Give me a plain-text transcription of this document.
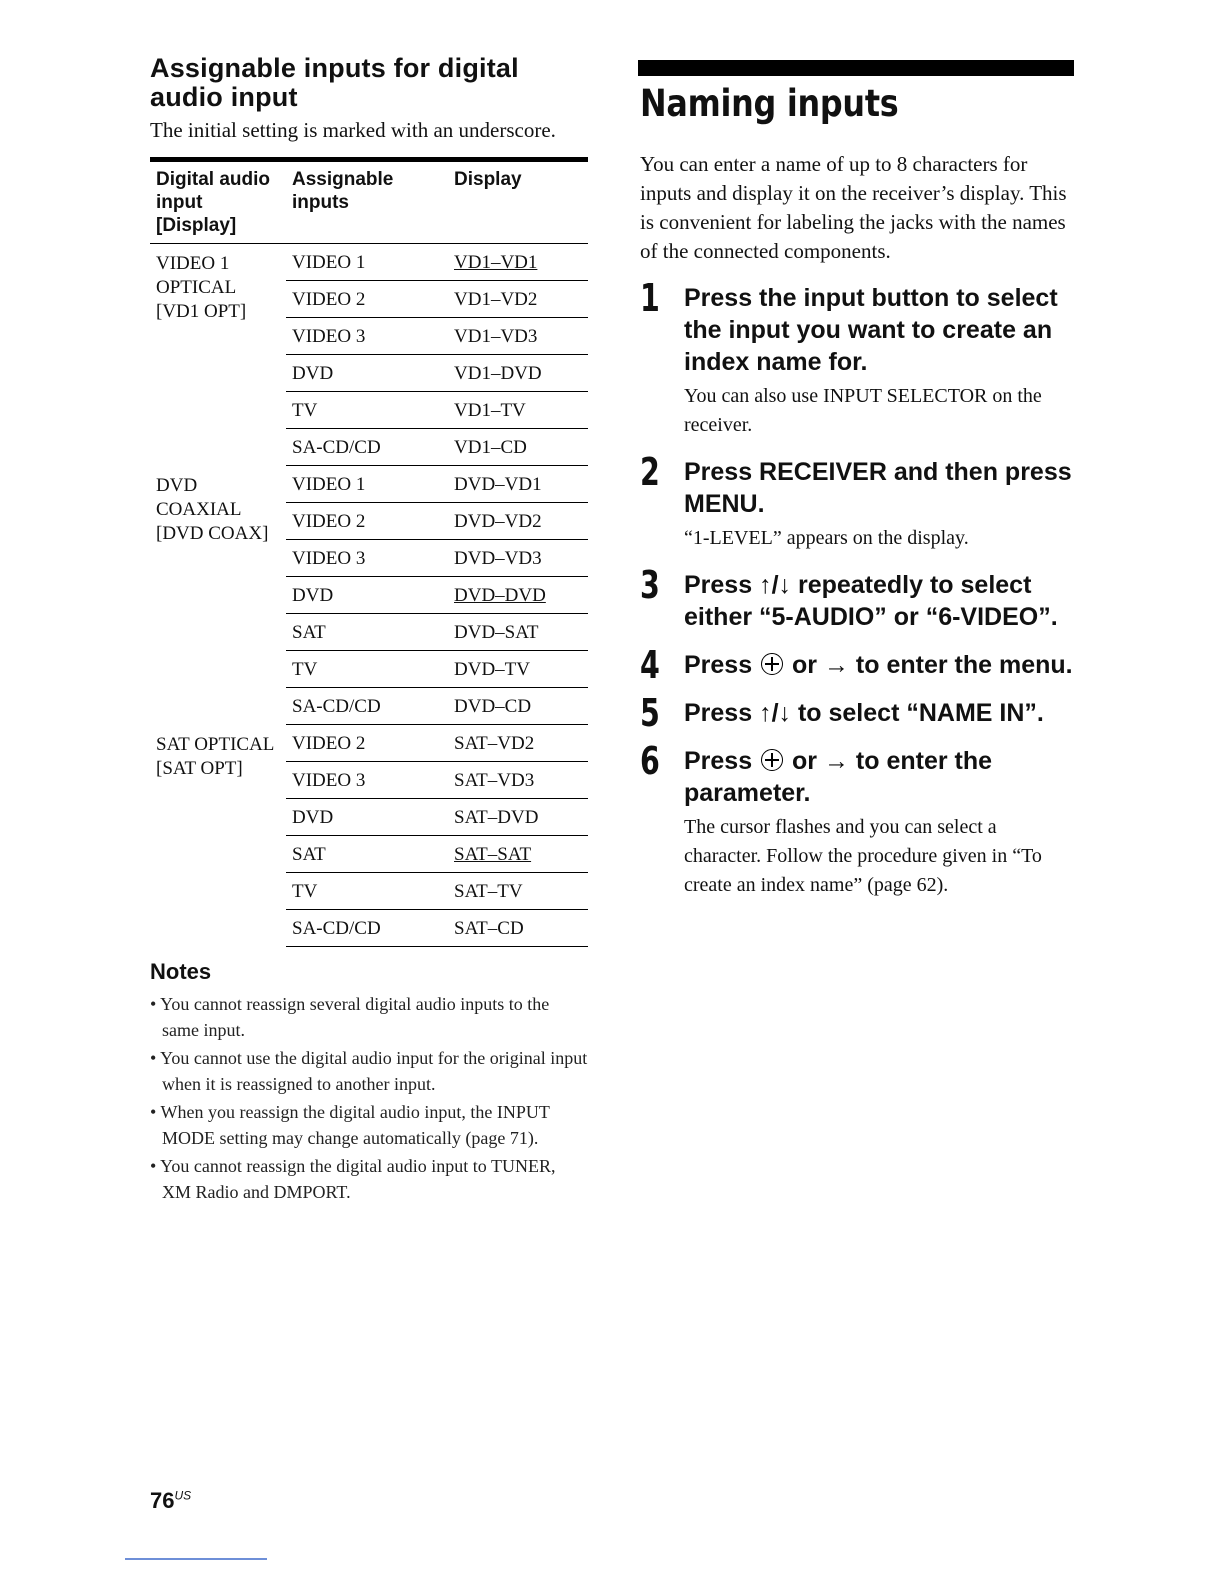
Assignable inputs for digital audio input

The initial setting is marked with an underscore.

Digital audio input [Display]	Assignable inputs	Display
VIDEO 1
OPTICAL
[VD1 OPT]	VIDEO 1	VD1–VD1
	VIDEO 2	VD1–VD2
	VIDEO 3	VD1–VD3
	DVD	VD1–DVD
	TV	VD1–TV
	SA-CD/CD	VD1–CD
DVD
COAXIAL
[DVD COAX]	VIDEO 1	DVD–VD1
	VIDEO 2	DVD–VD2
	VIDEO 3	DVD–VD3
	DVD	DVD–DVD
	SAT	DVD–SAT
	TV	DVD–TV
	SA-CD/CD	DVD–CD
SAT OPTICAL
[SAT OPT]	VIDEO 2	SAT–VD2
	VIDEO 3	SAT–VD3
	DVD	SAT–DVD
	SAT	SAT–SAT
	TV	SAT–TV
	SA-CD/CD	SAT–CD
Notes
• You cannot reassign several digital audio inputs to the same input.
• You cannot use the digital audio input for the original input when it is reassigned to another input.
• When you reassign the digital audio input, the INPUT MODE setting may change automatically (page 71).
• You cannot reassign the digital audio input to TUNER, XM Radio and DMPORT.
$76^{US}$
Naming inputs

You can enter a name of up to 8 characters for inputs and display it on the receiver’s display. This is convenient for labeling the jacks with the names of the connected components.

1 Press the input button to select the input you want to create an index name for.

You can also use INPUT SELECTOR on the receiver.

2 Press RECEIVER and then press MENU.

“1-LEVEL” appears on the display.

3 Press ↑/↓ repeatedly to select either “5-AUDIO” or “6-VIDEO”.

4 Press  or → to enter the menu.

5 Press ↑/↓ to select “NAME IN”.

6 Press  or → to enter the parameter.

The cursor flashes and you can select a character. Follow the procedure given in “To create an index name” (page 62).
